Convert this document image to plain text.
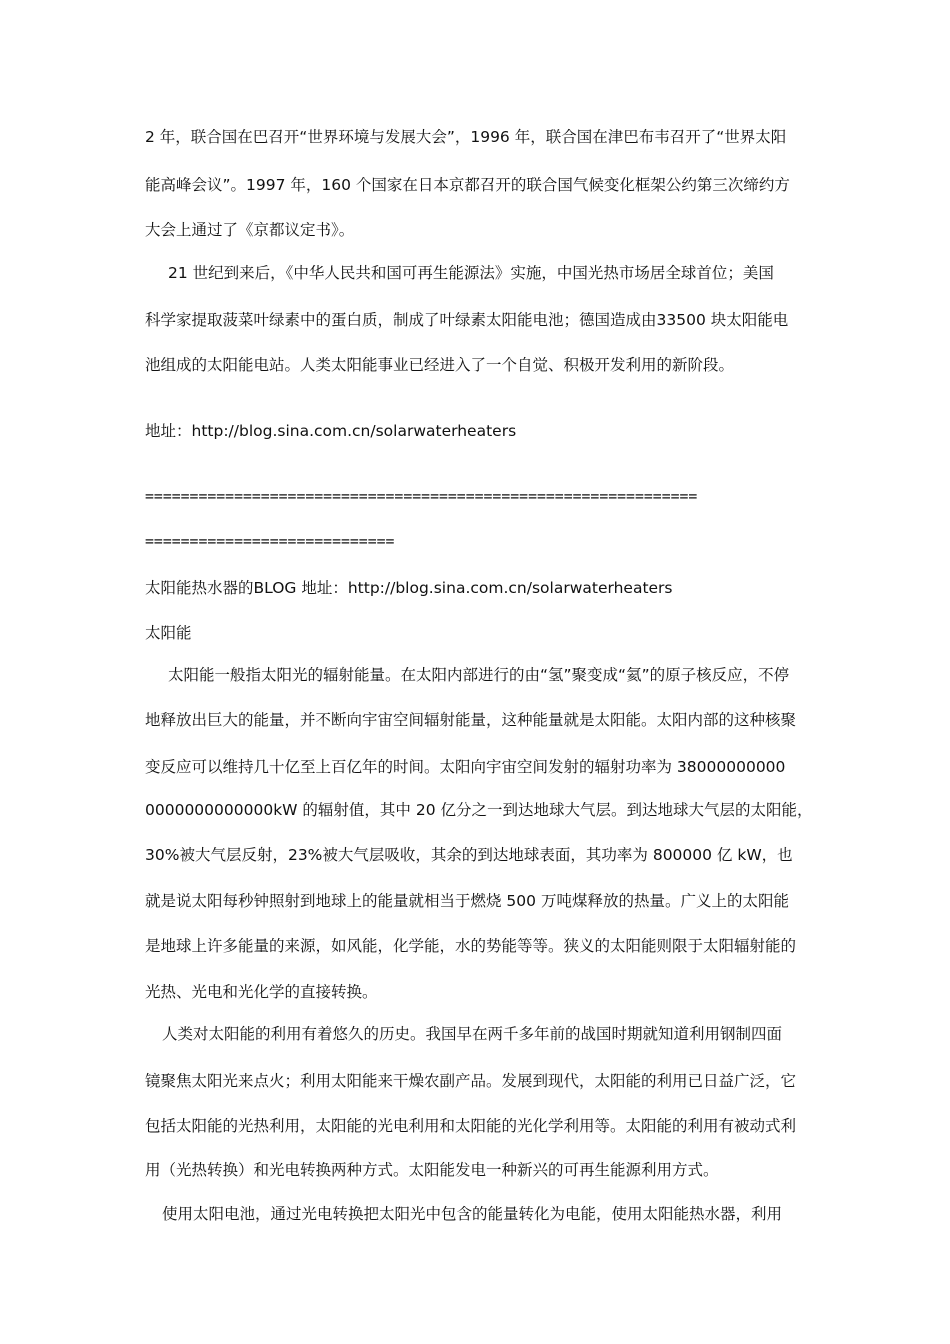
2 年，联合国在巴召开“世界环境与发展大会”，1996 年，联合国在津巴布韦召开了“世界太阳
能高峰会议”。1997 年，160 个国家在日本京都召开的联合国气候变化框架公约第三次缔约方
大会上通过了《京都议定书》。
21 世纪到来后，《中华人民共和国可再生能源法》实施，中国光热市场居全球首位；美国
科学家提取菠菜叶绿素中的蛋白质，制成了叶绿素太阳能电池；德国造成由33500 块太阳能电
池组成的太阳能电站。人类太阳能事业已经进入了一个自觉、积极开发利用的新阶段。
地址：http://blog.sina.com.cn/solarwaterheaters
==============================================================
============================
太阳能热水器的BLOG 地址：http://blog.sina.com.cn/solarwaterheaters
太阳能
太阳能一般指太阳光的辐射能量。在太阳内部进行的由“氢”聚变成“氦”的原子核反应，不停
地释放出巨大的能量，并不断向宇宙空间辐射能量，这种能量就是太阳能。太阳内部的这种核聚
变反应可以维持几十亿至上百亿年的时间。太阳向宇宙空间发射的辐射功率为 38000000000
0000000000000kW 的辐射值，其中 20 亿分之一到达地球大气层。到达地球大气层的太阳能，
30%被大气层反射，23%被大气层吸收，其余的到达地球表面，其功率为 800000 亿 kW，也
就是说太阳每秒钟照射到地球上的能量就相当于燃烧 500 万吨煤释放的热量。广义上的太阳能
是地球上许多能量的来源，如风能，化学能，水的势能等等。狭义的太阳能则限于太阳辐射能的
光热、光电和光化学的直接转换。
人类对太阳能的利用有着悠久的历史。我国早在两千多年前的战国时期就知道利用钢制四面
镜聚焦太阳光来点火；利用太阳能来干燥农副产品。发展到现代，太阳能的利用已日益广泛，它
包括太阳能的光热利用，太阳能的光电利用和太阳能的光化学利用等。太阳能的利用有被动式利
用（光热转换）和光电转换两种方式。太阳能发电一种新兴的可再生能源利用方式。
使用太阳电池，通过光电转换把太阳光中包含的能量转化为电能，使用太阳能热水器，利用
